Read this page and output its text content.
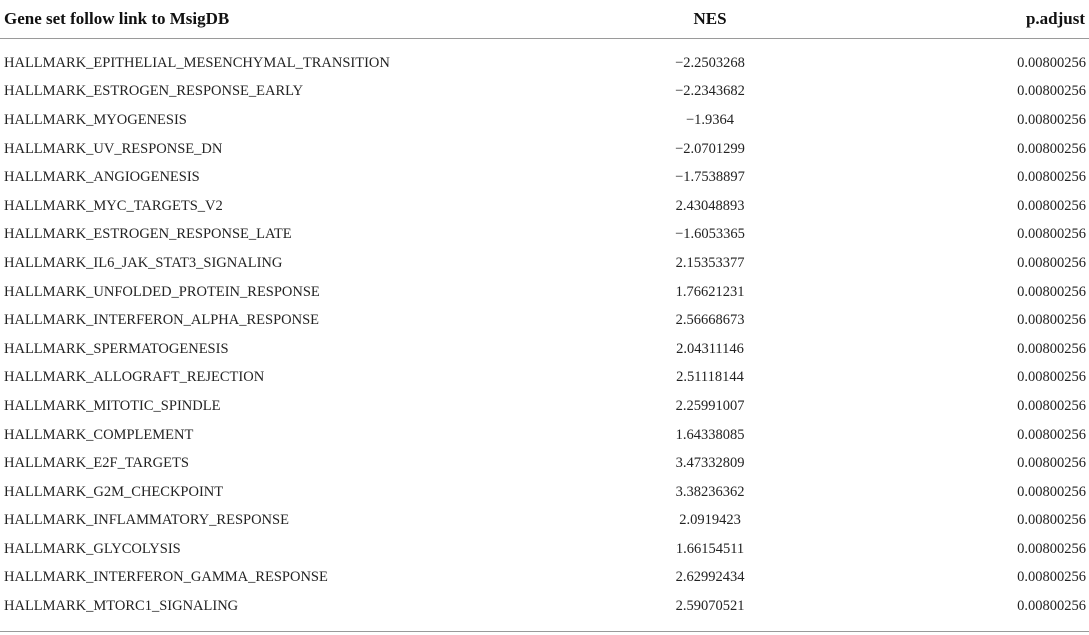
Gene set follow link to MsigDB	NES	p.adjust

HALLMARK_EPITHELIAL_MESENCHYMAL_TRANSITION	−2.2503268	0.00800256
HALLMARK_ESTROGEN_RESPONSE_EARLY	−2.2343682	0.00800256
HALLMARK_MYOGENESIS	−1.9364	0.00800256
HALLMARK_UV_RESPONSE_DN	−2.0701299	0.00800256
HALLMARK_ANGIOGENESIS	−1.7538897	0.00800256
HALLMARK_MYC_TARGETS_V2	2.43048893	0.00800256
HALLMARK_ESTROGEN_RESPONSE_LATE	−1.6053365	0.00800256
HALLMARK_IL6_JAK_STAT3_SIGNALING	2.15353377	0.00800256
HALLMARK_UNFOLDED_PROTEIN_RESPONSE	1.76621231	0.00800256
HALLMARK_INTERFERON_ALPHA_RESPONSE	2.56668673	0.00800256
HALLMARK_SPERMATOGENESIS	2.04311146	0.00800256
HALLMARK_ALLOGRAFT_REJECTION	2.51118144	0.00800256
HALLMARK_MITOTIC_SPINDLE	2.25991007	0.00800256
HALLMARK_COMPLEMENT	1.64338085	0.00800256
HALLMARK_E2F_TARGETS	3.47332809	0.00800256
HALLMARK_G2M_CHECKPOINT	3.38236362	0.00800256
HALLMARK_INFLAMMATORY_RESPONSE	2.0919423	0.00800256
HALLMARK_GLYCOLYSIS	1.66154511	0.00800256
HALLMARK_INTERFERON_GAMMA_RESPONSE	2.62992434	0.00800256
HALLMARK_MTORC1_SIGNALING	2.59070521	0.00800256
